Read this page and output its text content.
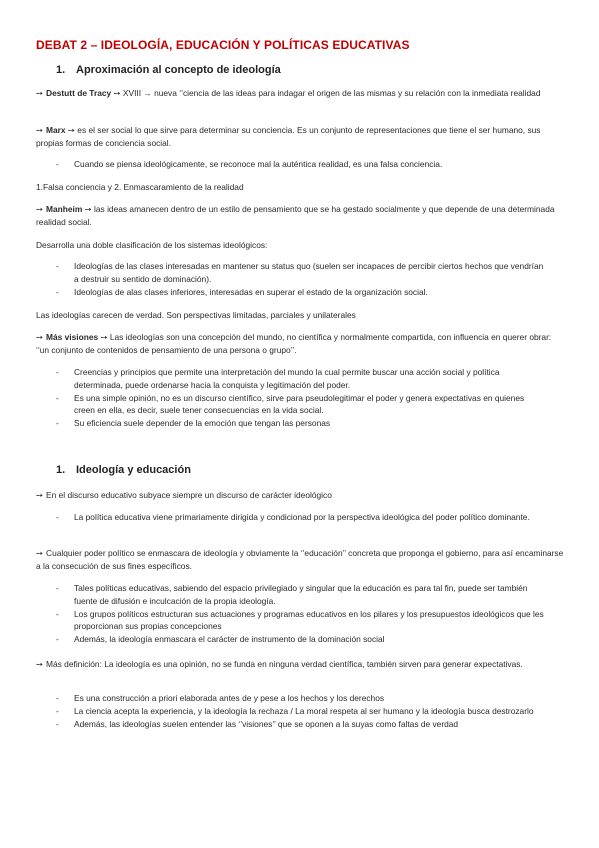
DEBAT 2 – IDEOLOGÍA, EDUCACIÓN Y POLÍTICAS EDUCATIVAS
1. Aproximación al concepto de ideología

➙ Destutt de Tracy ➙ XVIII → nueva ‘’ciencia de las ideas para indagar el origen de las mismas y su relación con la inmediata realidad

➙ Marx ➙ es el ser social lo que sirve para determinar su conciencia. Es un conjunto de representaciones que tiene el ser humano, sus propias formas de conciencia social.

- Cuando se piensa ideológicamente, se reconoce mal la auténtica realidad, es una falsa conciencia.

1.Falsa conciencia y 2. Enmascaramiento de la realidad

➙ Manheim ➙ las ideas amanecen dentro de un estilo de pensamiento que se ha gestado socialmente y que depende de una determinada realidad social.

Desarrolla una doble clasificación de los sistemas ideológicos:

- Ideologías de las clases interesadas en mantener su status quo (suelen ser incapaces de percibir ciertos hechos que vendrían a destruir su sentido de dominación).
- Ideologías de alas clases inferiores, interesadas en superar el estado de la organización social.

Las ideologías carecen de verdad. Son perspectivas limitadas, parciales y unilaterales

➙ Más visiones ➙ Las ideologías son una concepción del mundo, no científica y normalmente compartida, con influencia en querer obrar: ‘’un conjunto de contenidos de pensamiento de una persona o grupo’’.

- Creencias y principios que permite una interpretación del mundo la cual permite buscar una acción social y política determinada, puede ordenarse hacia la conquista y legitimación del poder.
- Es una simple opinión, no es un discurso científico, sirve para pseudolegitimar el poder y genera expectativas en quienes creen en ella, es decir, suele tener consecuencias en la vida social.
- Su eficiencia suele depender de la emoción que tengan las personas
1. Ideología y educación

➙ En el discurso educativo subyace siempre un discurso de carácter ideológico

- La política educativa viene primariamente dirigida y condicionad por la perspectiva ideológica del poder político dominante.

➙ Cualquier poder político se enmascara de ideología y obviamente la ‘’educación’’ concreta que proponga el gobierno, para así encaminarse a la consecución de sus fines específicos.

- Tales políticas educativas, sabiendo del espacio privilegiado y singular que la educación es para tal fin, puede ser también fuente de difusión e inculcación de la propia ideología.
- Los grupos políticos estructuran sus actuaciones y programas educativos en los pilares y los presupuestos ideológicos que les proporcionan sus propias concepciones
- Además, la ideología enmascara el carácter de instrumento de la dominación social

➙ Más definición: La ideología es una opinión, no se funda en ninguna verdad científica, también sirven para generar expectativas.

- Es una construcción a priori elaborada antes de y pese a los hechos y los derechos
- La ciencia acepta la experiencia, y la ideología la rechaza / La moral respeta al ser humano y la ideología busca destrozarlo
- Además, las ideologías suelen entender las ‘’visiones’’ que se oponen a la suyas como faltas de verdad
